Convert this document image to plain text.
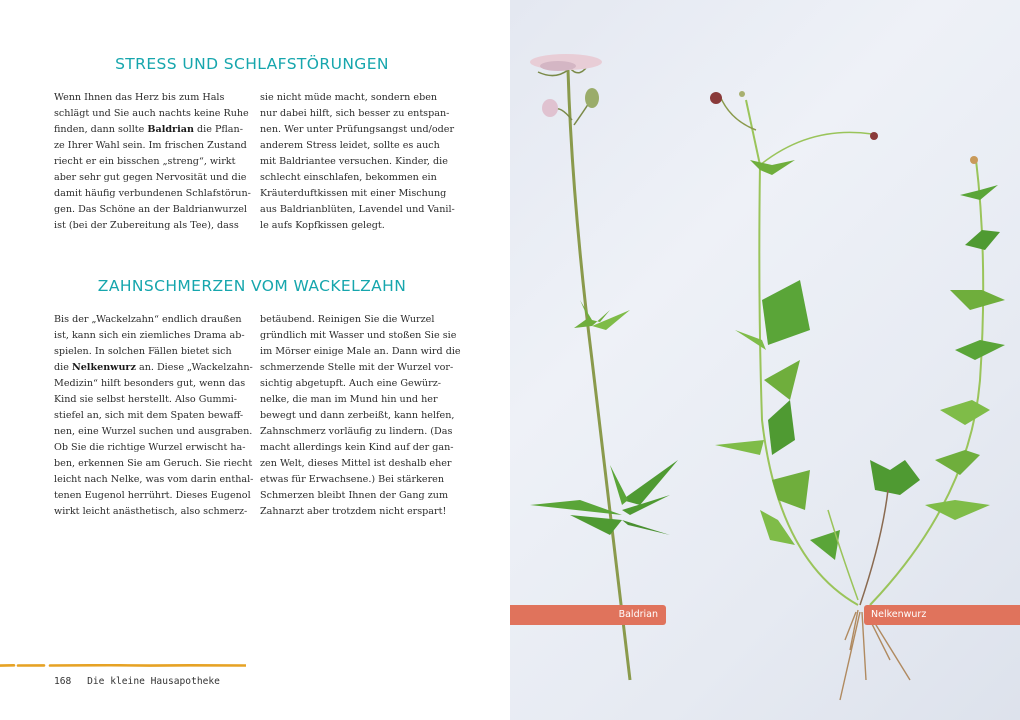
STRESS UND SCHLAFSTÖRUNGEN
Wenn Ihnen das Herz bis zum Hals
schlägt und Sie auch nachts keine Ruhe
finden, dann sollte Baldrian die Pflan-
ze Ihrer Wahl sein. Im frischen Zustand
riecht er ein bisschen „streng“, wirkt
aber sehr gut gegen Nervosität und die
damit häufig verbundenen Schlafstörun-
gen. Das Schöne an der Baldrianwurzel
ist (bei der Zubereitung als Tee), dass
sie nicht müde macht, sondern eben
nur dabei hilft, sich besser zu entspan-
nen. Wer unter Prüfungsangst und/oder
anderem Stress leidet, sollte es auch
mit Baldriantee versuchen. Kinder, die
schlecht einschlafen, bekommen ein
Kräuterduftkissen mit einer Mischung
aus Baldrianblüten, Lavendel und Vanil-
le aufs Kopfkissen gelegt.
ZAHNSCHMERZEN VOM WACKELZAHN
Bis der „Wackelzahn“ endlich draußen
ist, kann sich ein ziemliches Drama ab-
spielen. In solchen Fällen bietet sich
die Nelkenwurz an. Diese „Wackelzahn-
Medizin“ hilft besonders gut, wenn das
Kind sie selbst herstellt. Also Gummi-
stiefel an, sich mit dem Spaten bewaff-
nen, eine Wurzel suchen und ausgraben.
Ob Sie die richtige Wurzel erwischt ha-
ben, erkennen Sie am Geruch. Sie riecht
leicht nach Nelke, was vom darin enthal-
tenen Eugenol herrührt. Dieses Eugenol
wirkt leicht anästhetisch, also schmerz-
betäubend. Reinigen Sie die Wurzel
gründlich mit Wasser und stoßen Sie sie
im Mörser einige Male an. Dann wird die
schmerzende Stelle mit der Wurzel vor-
sichtig abgetupft. Auch eine Gewürz-
nelke, die man im Mund hin und her
bewegt und dann zerbeißt, kann helfen,
Zahnschmerz vorläufig zu lindern. (Das
macht allerdings kein Kind auf der gan-
zen Welt, dieses Mittel ist deshalb eher
etwas für Erwachsene.) Bei stärkeren
Schmerzen bleibt Ihnen der Gang zum
Zahnarzt aber trotzdem nicht erspart!
168 Die kleine Hausapotheke
Baldrian	Nelkenwurz
